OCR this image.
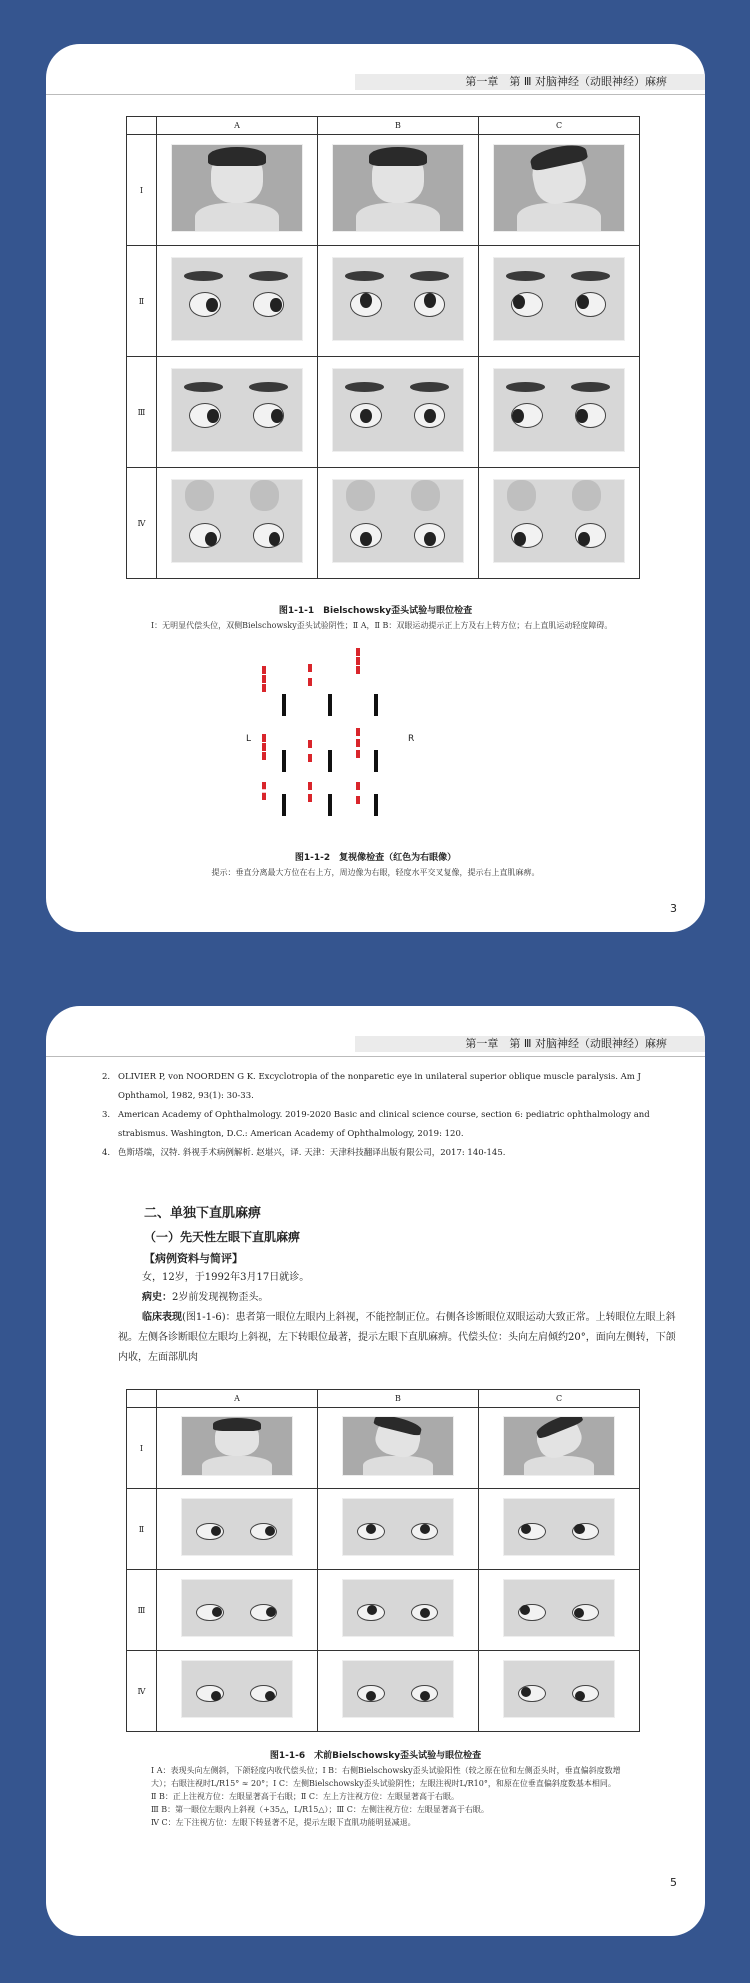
第一章　 第 Ⅲ 对脑神经（动眼神经）麻痹
	A	B	C
Ⅰ	

Ⅱ	

Ⅲ	

Ⅳ	

图1-1-1　Bielschowsky歪头试验与眼位检查
Ⅰ：无明显代偿头位，双侧Bielschowsky歪头试验阴性；Ⅱ A，Ⅱ B：双眼运动提示正上方及右上转方位；右上直肌运动轻度障碍。
L	R
图1-1-2　复视像检查（红色为右眼像）
提示：垂直分离最大方位在右上方，周边像为右眼，轻度水平交叉复像，提示右上直肌麻痹。
3
第一章　 第 Ⅲ 对脑神经（动眼神经）麻痹
2. OLIVIER P, von NOORDEN G K. Excyclotropia of the nonparetic eye in unilateral superior oblique muscle paralysis. Am J Ophthamol, 1982, 93(1): 30-33.
3. American Academy of Ophthalmology. 2019-2020 Basic and clinical science course, section 6: pediatric ophthalmology and strabismus. Washington, D.C.: American Academy of Ophthalmology, 2019: 120.
4. 色斯塔端，汉特. 斜视手术病例解析. 赵堪兴，译. 天津：天津科技翻译出版有限公司，2017: 140-145.
二、单独下直肌麻痹
（一）先天性左眼下直肌麻痹
【病例资料与简评】

女，12岁，于1992年3月17日就诊。

病史：2岁前发现视物歪头。

临床表现(图1-1-6)：患者第一眼位左眼内上斜视，不能控制正位。右侧各诊断眼位双眼运动大致正常。上转眼位左眼上斜视。左侧各诊断眼位左眼均上斜视，左下转眼位最著，提示左眼下直肌麻痹。代偿头位：头向左肩倾约20°，面向左侧转，下颌内收，左面部肌肉

	A	B	C
Ⅰ	

Ⅱ	

Ⅲ	

Ⅳ	

图1-1-6　术前Bielschowsky歪头试验与眼位检查
Ⅰ A：表现头向左侧斜，下颌轻度内收代偿头位；Ⅰ B：右侧Bielschowsky歪头试验阳性（较之原在位和左侧歪头时，垂直偏斜度数增大）；右眼注视时L/R15° ≈ 20°；Ⅰ C：左侧Bielschowsky歪头试验阴性；左眼注视时L/R10°，和原在位垂直偏斜度数基本相同。
Ⅱ B：正上注视方位：左眼显著高于右眼；Ⅱ C：左上方注视方位：左眼显著高于右眼。
Ⅲ B：第一眼位左眼内上斜视（+35△，L/R15△）；Ⅲ C：左侧注视方位：左眼显著高于右眼。
Ⅳ C：左下注视方位：左眼下转显著不足，提示左眼下直肌功能明显减退。
5
